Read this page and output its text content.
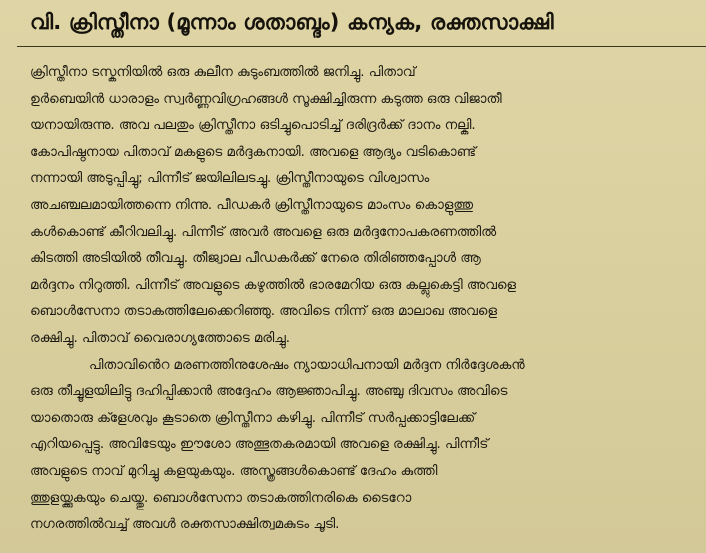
വി. ക്രിസ്തീനാ (മൂന്നാം ശതാബ്ദം) കന്യക, രക്തസാക്ഷി
ക്രിസ്തീനാ ടസ്കനിയിൽ ഒരു കുലീന കുടുംബത്തിൽ ജനിച്ചു. പിതാവ്
ഉർബെയിൻ ധാരാളം സ്വർണ്ണവിഗ്രഹങ്ങൾ സൂക്ഷിച്ചിരുന്ന കടുത്ത ഒരു വിജാതീ
യനായിരുന്നു. അവ പലതും ക്രിസ്തീനാ ഒടിച്ചുപൊടിച്ച് ദരിദ്രർക്ക് ദാനം നല്കി.
കോപിഷ്ഠനായ പിതാവ് മകളുടെ മർദ്ദകനായി. അവളെ ആദ്യം വടികൊണ്ട്
നന്നായി അടുപ്പിച്ചു; പിന്നീട് ജയിലിലടച്ചു. ക്രിസ്തീനായുടെ വിശ്വാസം
അചഞ്ചലമായിത്തന്നെ നിന്നു. പീഡകർ ക്രിസ്തീനായുടെ മാംസം കൊളുത്തു
കൾകൊണ്ട് കീറിവലിച്ചു. പിന്നീട് അവർ അവളെ ഒരു മർദ്ദനോപകരണത്തിൽ
കിടത്തി അടിയിൽ തീവച്ചു. തീജ്വാല പീഡകർക്ക് നേരെ തിരിഞ്ഞപ്പോൾ ആ
മർദ്ദനം നിറുത്തി. പിന്നീട് അവളുടെ കഴുത്തിൽ ഭാരമേറിയ ഒരു കല്ലുകെട്ടി അവളെ
ബൊൾസേനാ തടാകത്തിലേക്കെറിഞ്ഞു. അവിടെ നിന്ന് ഒരു മാലാഖ അവളെ
രക്ഷിച്ചു. പിതാവ് വൈരാഗ്യത്തോടെ മരിച്ചു.
പിതാവിൻെറ മരണത്തിനുശേഷം ന്യായാധിപനായി മർദ്ദന നിർദ്ദേശകൻ
ഒരു തീച്ചൂളയിലിട്ടു ദഹിപ്പിക്കാൻ അദ്ദേഹം ആജ്ഞാപിച്ചു. അഞ്ചു ദിവസം അവിടെ
യാതൊരു ക്ളേശവും കൂടാതെ ക്രിസ്തീനാ കഴിച്ചു. പിന്നീട് സർപ്പക്കാട്ടിലേക്ക്
എറിയപ്പെട്ടു. അവിടേയും ഈശോ അത്ഭുതകരമായി അവളെ രക്ഷിച്ചു. പിന്നീട്
അവളുടെ നാവ് മുറിച്ചു കളയുകയും. അസ്ത്രങ്ങൾകൊണ്ട് ദേഹം കുത്തി
ത്തുളയ്ക്കുകയും ചെയ്തു. ബൊൾസേനാ തടാകത്തിനരികെ ടൈറോ
നഗരത്തിൽവച്ച് അവൾ രക്തസാക്ഷിത്വമകുടം ചൂടി.
